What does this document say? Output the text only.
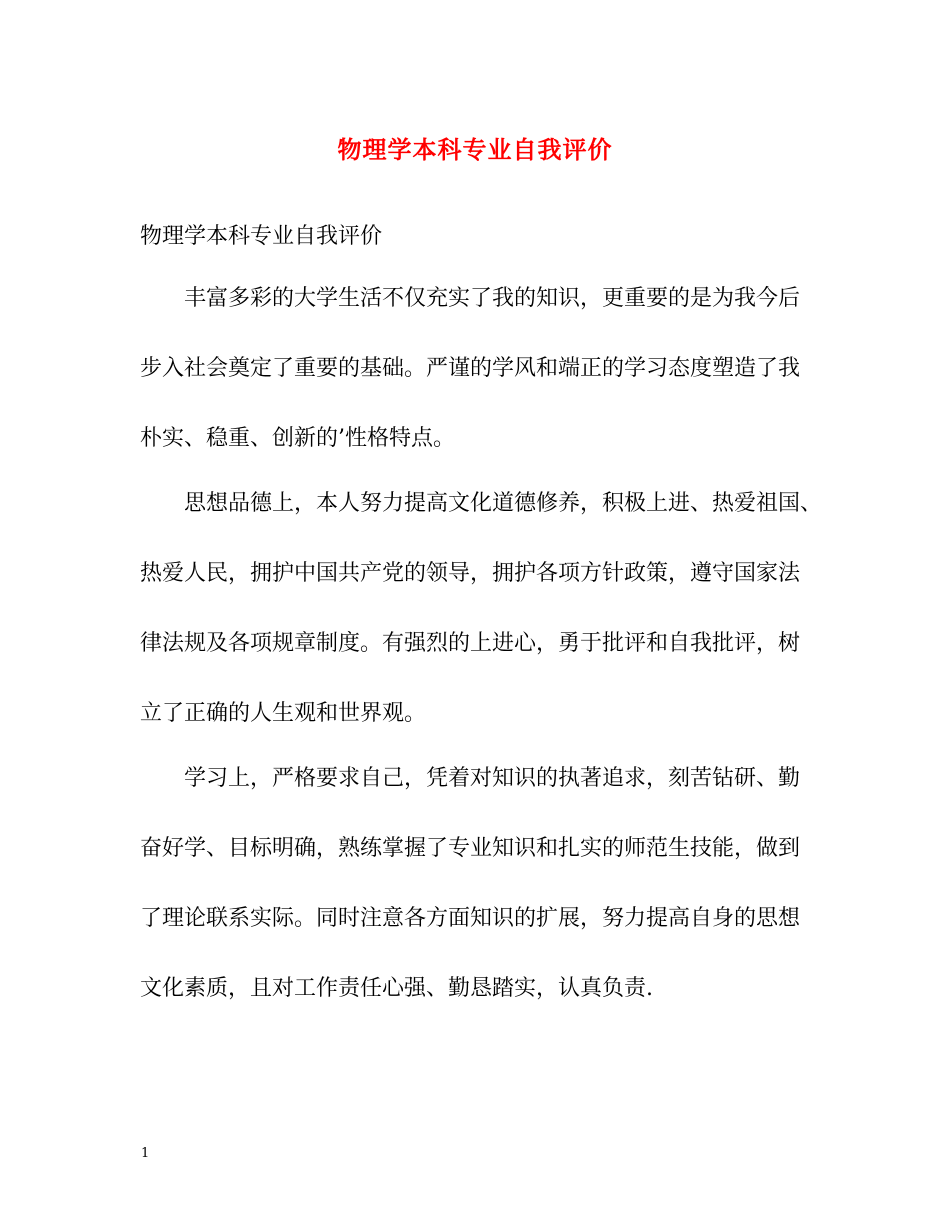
物理学本科专业自我评价

物理学本科专业自我评价

丰富多彩的大学生活不仅充实了我的知识，更重要的是为我今后

步入社会奠定了重要的基础。严谨的学风和端正的学习态度塑造了我

朴实、稳重、创新的’性格特点。

思想品德上，本人努力提高文化道德修养，积极上进、热爱祖国、

热爱人民，拥护中国共产党的领导，拥护各项方针政策，遵守国家法

律法规及各项规章制度。有强烈的上进心，勇于批评和自我批评，树

立了正确的人生观和世界观。

学习上，严格要求自己，凭着对知识的执著追求，刻苦钻研、勤

奋好学、目标明确，熟练掌握了专业知识和扎实的师范生技能，做到

了理论联系实际。同时注意各方面知识的扩展，努力提高自身的思想

文化素质，且对工作责任心强、勤恳踏实，认真负责.

1
